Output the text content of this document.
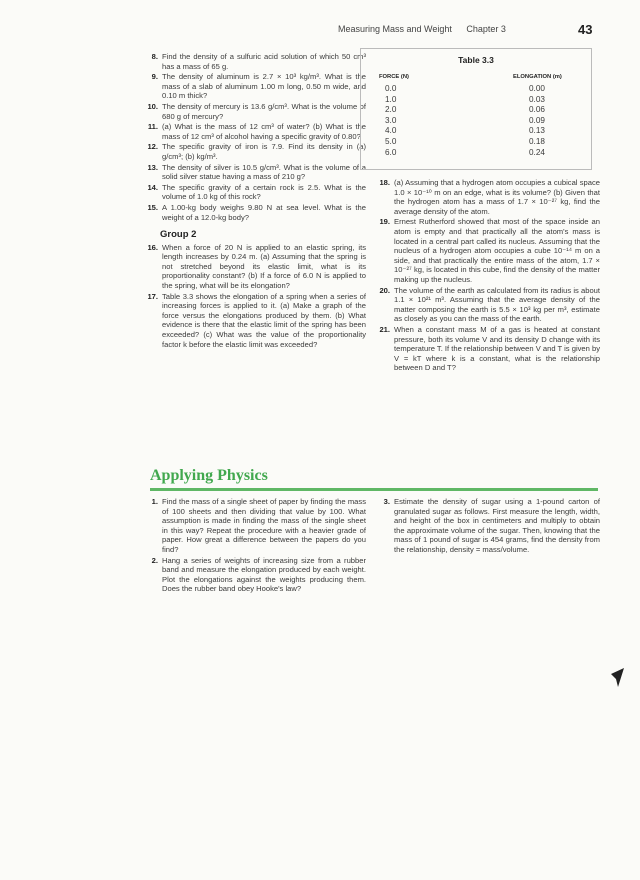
Measuring Mass and Weight Chapter 3	43
8. Find the density of a sulfuric acid solution of which 50 cm³ has a mass of 65 g.
9. The density of aluminum is 2.7 × 10³ kg/m³. What is the mass of a slab of aluminum 1.00 m long, 0.50 m wide, and 0.10 m thick?
10. The density of mercury is 13.6 g/cm³. What is the volume of 680 g of mercury?
11. (a) What is the mass of 12 cm³ of water? (b) What is the mass of 12 cm³ of alcohol having a specific gravity of 0.80?
12. The specific gravity of iron is 7.9. Find its density in (a) g/cm³; (b) kg/m³.
13. The density of silver is 10.5 g/cm³. What is the volume of a solid silver statue having a mass of 210 g?
14. The specific gravity of a certain rock is 2.5. What is the volume of 1.0 kg of this rock?
15. A 1.00-kg body weighs 9.80 N at sea level. What is the weight of a 12.0-kg body?
Group 2
16. When a force of 20 N is applied to an elastic spring, its length increases by 0.24 m. (a) Assuming that the spring is not stretched beyond its elastic limit, what is its proportionality constant? (b) If a force of 6.0 N is applied to the spring, what will be its elongation?
17. Table 3.3 shows the elongation of a spring when a series of increasing forces is applied to it. (a) Make a graph of the force versus the elongations produced by them. (b) What evidence is there that the elastic limit of the spring has been exceeded? (c) What was the value of the proportionality factor k before the elastic limit was exceeded?
Table 3.3
FORCE (N)	ELONGATION (m)
0.0
1.0
2.0
3.0
4.0
5.0
6.0
0.00
0.03
0.06
0.09
0.13
0.18
0.24
18. (a) Assuming that a hydrogen atom occupies a cubical space 1.0 × 10⁻¹⁰ m on an edge, what is its volume? (b) Given that the hydrogen atom has a mass of 1.7 × 10⁻²⁷ kg, find the average density of the atom.
19. Ernest Rutherford showed that most of the space inside an atom is empty and that practically all the atom's mass is located in a central part called its nucleus. Assuming that the nucleus of a hydrogen atom occupies a cube 10⁻¹⁴ m on a side, and that practically the entire mass of the atom, 1.7 × 10⁻²⁷ kg, is located in this cube, find the density of the matter making up the nucleus.
20. The volume of the earth as calculated from its radius is about 1.1 × 10²¹ m³. Assuming that the average density of the matter composing the earth is 5.5 × 10³ kg per m³, estimate as closely as you can the mass of the earth.
21. When a constant mass M of a gas is heated at constant pressure, both its volume V and its density D change with its temperature T. If the relationship between V and T is given by V = kT where k is a constant, what is the relationship between D and T?
Applying Physics
1. Find the mass of a single sheet of paper by finding the mass of 100 sheets and then dividing that value by 100. What assumption is made in finding the mass of the single sheet in this way? Repeat the procedure with a heavier grade of paper. How great a difference between the papers do you find?
2. Hang a series of weights of increasing size from a rubber band and measure the elongation produced by each weight. Plot the elongations against the weights producing them. Does the rubber band obey Hooke's law?
3. Estimate the density of sugar using a 1-pound carton of granulated sugar as follows. First measure the length, width, and height of the box in centimeters and multiply to obtain the approximate volume of the sugar. Then, knowing that the mass of 1 pound of sugar is 454 grams, find the density from the relationship, density = mass/volume.
